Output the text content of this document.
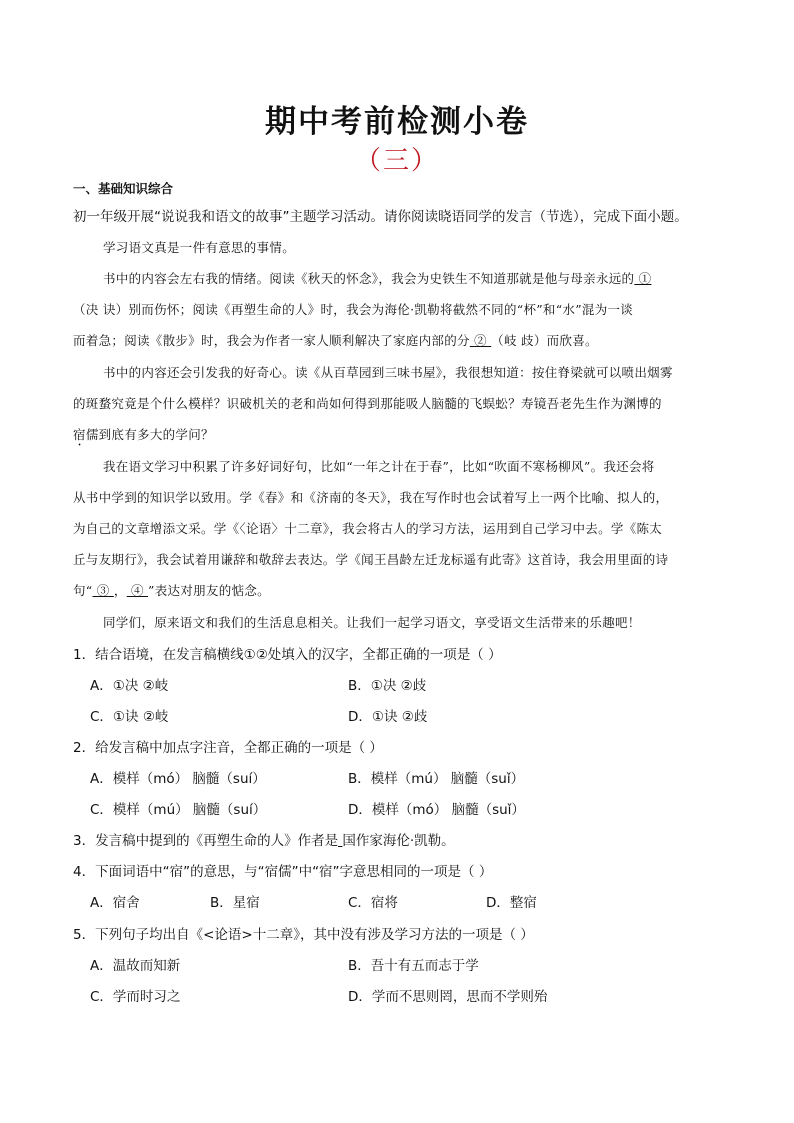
期中考前检测小卷
（三）
一、基础知识综合
初一年级开展“说说我和语文的故事”主题学习活动。请你阅读晓语同学的发言（节选），完成下面小题。
学习语文真是一件有意思的事情。
书中的内容会左右我的情绪。阅读《秋天的怀念》，我会为史铁生不知道那就是他与母亲永远的 ①
（决 诀）别而伤怀；阅读《再塑生命的人》时，我会为海伦·凯勒将截然不同的“杯”和“水”混为一谈
而着急；阅读《散步》时，我会为作者一家人顺利解决了家庭内部的分 ② （岐 歧）而欣喜。
书中的内容还会引发我的好奇心。读《从百草园到三味书屋》，我很想知道：按住脊梁就可以喷出烟雾
的斑蝥究竟是个什么模样？识破机关的老和尚如何得到那能吸人脑髓的飞蜈蚣？寿镜吾老先生作为渊博的
宿儒到底有多大的学问？
我在语文学习中积累了许多好词好句，比如“一年之计在于春”，比如“吹面不寒杨柳风”。我还会将
从书中学到的知识学以致用。学《春》和《济南的冬天》，我在写作时也会试着写上一两个比喻、拟人的，
为自己的文章增添文采。学《〈论语〉十二章》，我会将古人的学习方法，运用到自己学习中去。学《陈太
丘与友期行》，我会试着用谦辞和敬辞去表达。学《闻王昌龄左迁龙标遥有此寄》这首诗，我会用里面的诗
句“ ③ ， ④ ”表达对朋友的惦念。
同学们，原来语文和我们的生活息息相关。让我们一起学习语文，享受语文生活带来的乐趣吧！
1．结合语境，在发言稿横线①②处填入的汉字，全都正确的一项是（ ）
A．①决 ②岐	B．①决 ②歧
C．①诀 ②岐	D．①诀 ②歧
2．给发言稿中加点字注音，全都正确的一项是（ ）
A．模样（mó） 脑髓（suí）	B．模样（mú） 脑髓（suǐ）
C．模样（mú） 脑髓（suí）	D．模样（mó） 脑髓（suǐ）
3．发言稿中提到的《再塑生命的人》作者是 国作家海伦·凯勒。
4．下面词语中“宿”的意思，与“宿儒”中“宿”字意思相同的一项是（ ）
A．宿舍	B．星宿	C．宿将	D．整宿
5．下列句子均出自《<论语>十二章》，其中没有涉及学习方法的一项是（ ）
A．温故而知新	B．吾十有五而志于学
C．学而时习之	D．学而不思则罔，思而不学则殆
